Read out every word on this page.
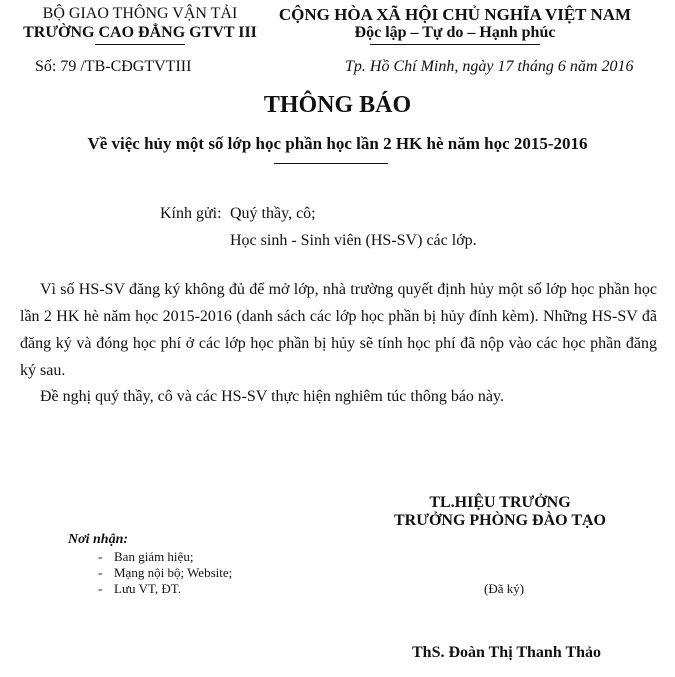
BỘ GIAO THÔNG VẬN TẢI
TRƯỜNG CAO ĐẲNG GTVT III
CỘNG HÒA XÃ HỘI CHỦ NGHĨA VIỆT NAM
Độc lập – Tự do – Hạnh phúc
Số: 79 /TB-CĐGTVTIII	Tp. Hồ Chí Minh, ngày 17 tháng 6 năm 2016
THÔNG BÁO
Về việc hủy một số lớp học phần học lần 2 HK hè năm học 2015-2016
Kính gửi: Quý thầy, cô;
Học sinh - Sinh viên (HS-SV) các lớp.
Vì số HS-SV đăng ký không đủ để mở lớp, nhà trường quyết định hủy một số lớp học phần học lần 2 HK hè năm học 2015-2016 (danh sách các lớp học phần bị hủy đính kèm). Những HS-SV đã đăng ký và đóng học phí ở các lớp học phần bị hủy sẽ tính học phí đã nộp vào các học phần đăng ký sau.
Đề nghị quý thầy, cô và các HS-SV thực hiện nghiêm túc thông báo này.
TL.HIỆU TRƯỞNG
TRƯỞNG PHÒNG ĐÀO TẠO
Nơi nhận:
- Ban giám hiệu;
- Mạng nội bộ; Website;
- Lưu VT, ĐT.	(Đã ký)
ThS. Đoàn Thị Thanh Thảo
